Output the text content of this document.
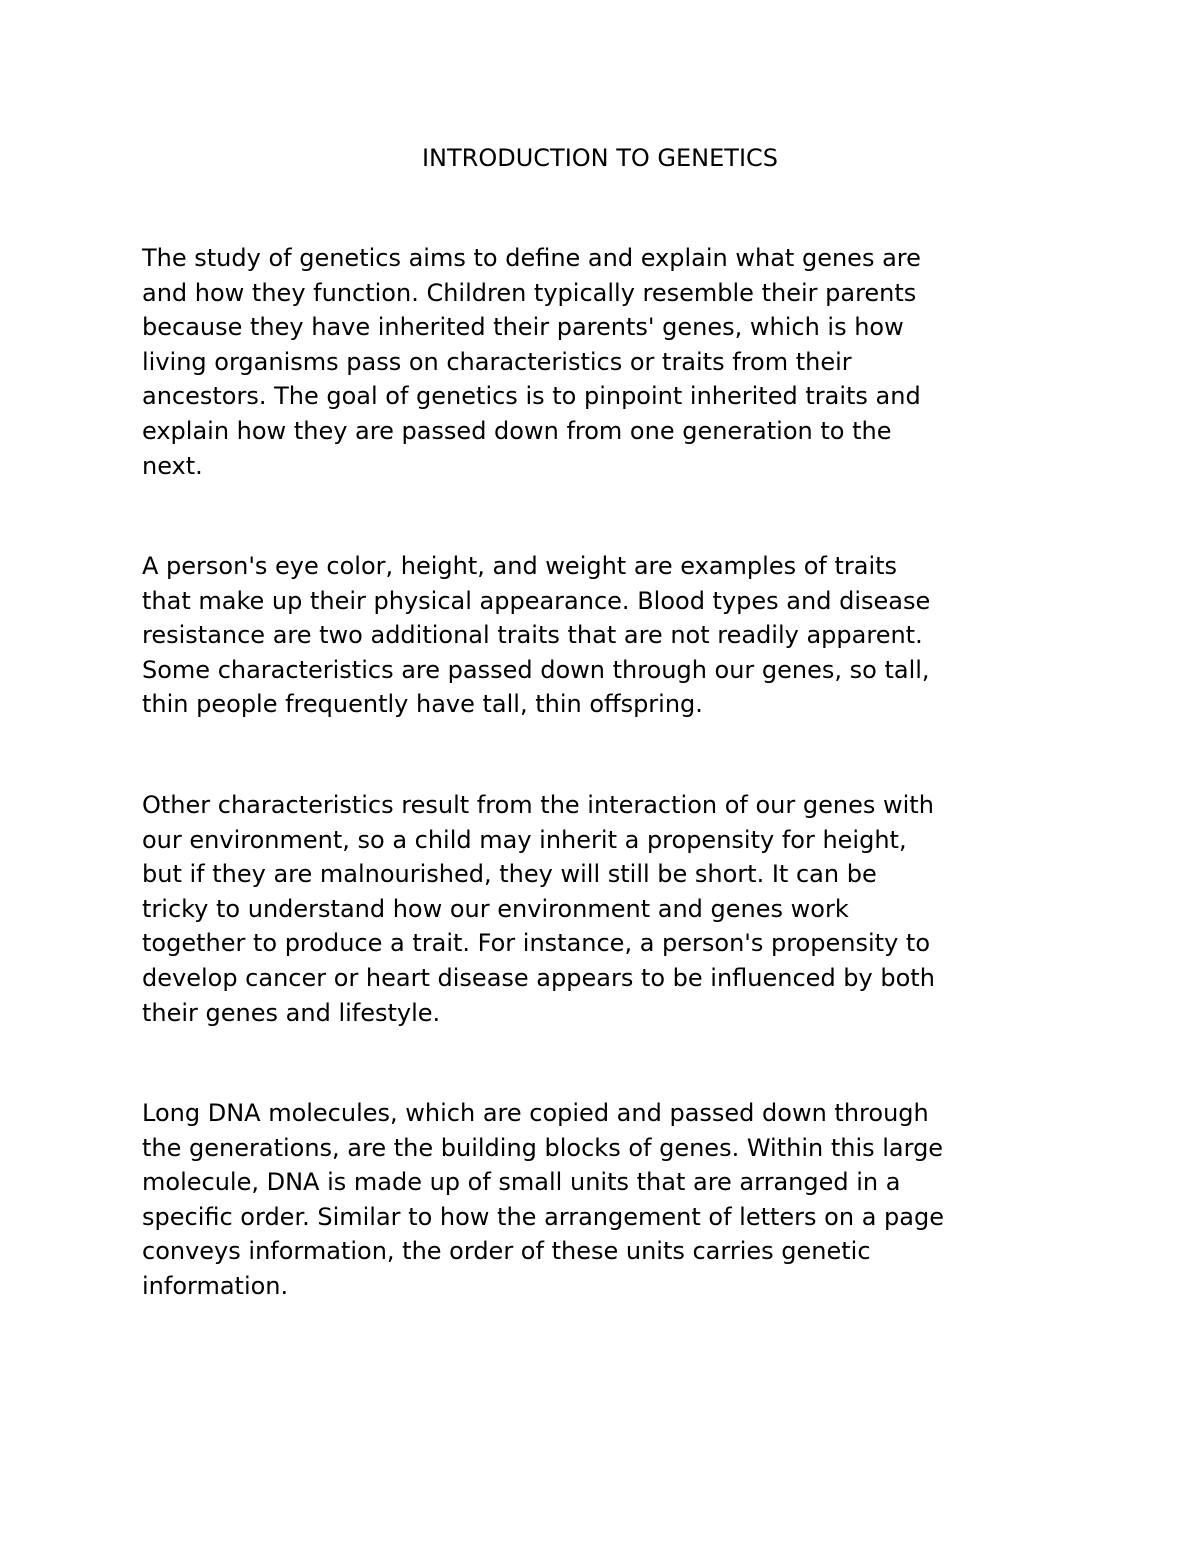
INTRODUCTION TO GENETICS

The study of genetics aims to define and explain what genes are
and how they function. Children typically resemble their parents
because they have inherited their parents' genes, which is how
living organisms pass on characteristics or traits from their
ancestors. The goal of genetics is to pinpoint inherited traits and
explain how they are passed down from one generation to the
next.

A person's eye color, height, and weight are examples of traits
that make up their physical appearance. Blood types and disease
resistance are two additional traits that are not readily apparent.
Some characteristics are passed down through our genes, so tall,
thin people frequently have tall, thin offspring.

Other characteristics result from the interaction of our genes with
our environment, so a child may inherit a propensity for height,
but if they are malnourished, they will still be short. It can be
tricky to understand how our environment and genes work
together to produce a trait. For instance, a person's propensity to
develop cancer or heart disease appears to be influenced by both
their genes and lifestyle.

Long DNA molecules, which are copied and passed down through
the generations, are the building blocks of genes. Within this large
molecule, DNA is made up of small units that are arranged in a
specific order. Similar to how the arrangement of letters on a page
conveys information, the order of these units carries genetic
information.
